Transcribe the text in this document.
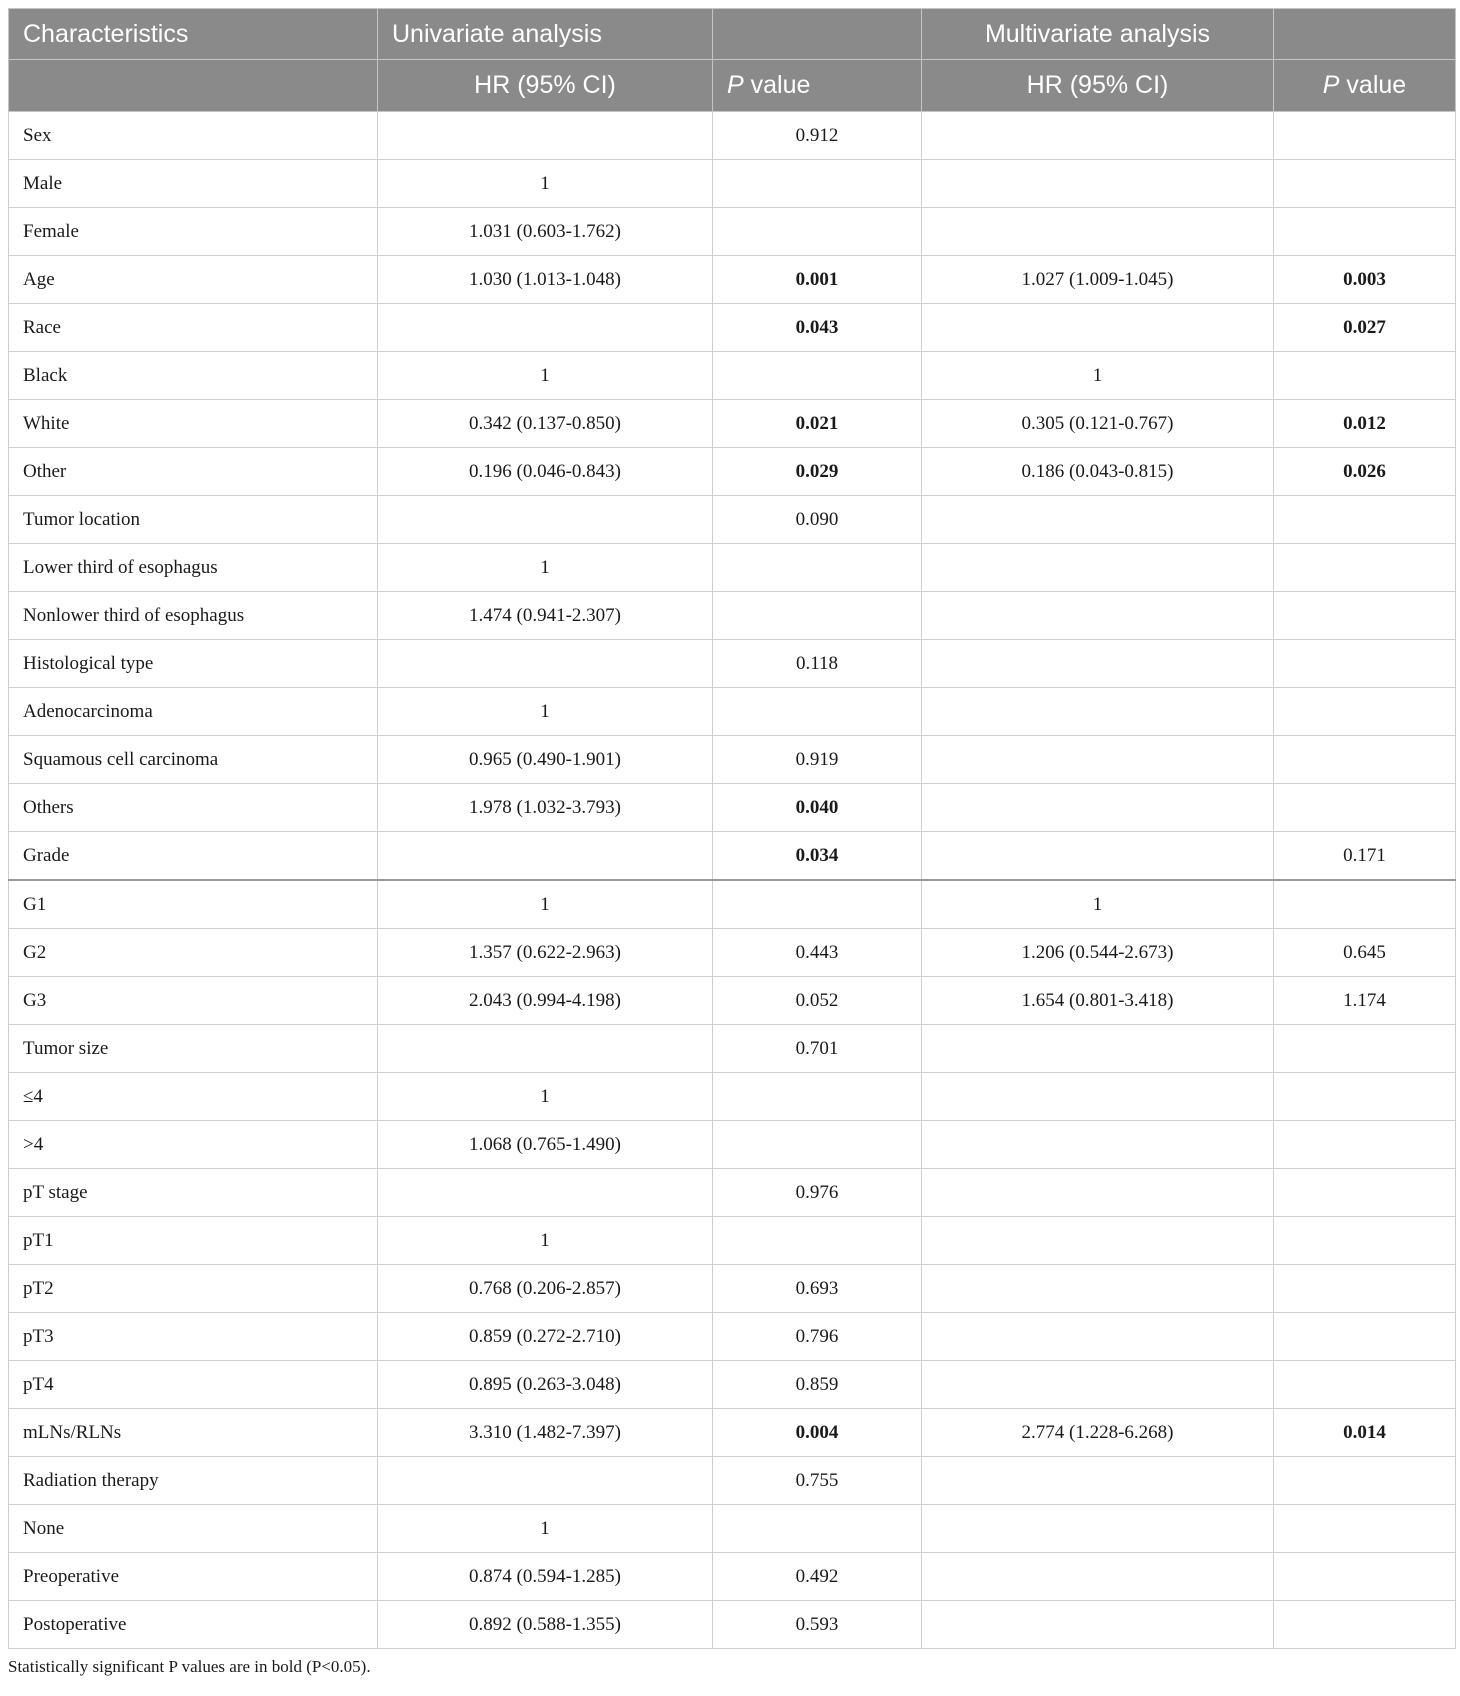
Characteristics	Univariate analysis		Multivariate analysis	
	HR (95% CI)	P value	HR (95% CI)	P value
Sex		0.912		
Male	1			
Female	1.031 (0.603-1.762)			
Age	1.030 (1.013-1.048)	0.001	1.027 (1.009-1.045)	0.003
Race		0.043		0.027
Black	1		1	
White	0.342 (0.137-0.850)	0.021	0.305 (0.121-0.767)	0.012
Other	0.196 (0.046-0.843)	0.029	0.186 (0.043-0.815)	0.026
Tumor location		0.090		
Lower third of esophagus	1			
Nonlower third of esophagus	1.474 (0.941-2.307)			
Histological type		0.118		
Adenocarcinoma	1			
Squamous cell carcinoma	0.965 (0.490-1.901)	0.919		
Others	1.978 (1.032-3.793)	0.040		
Grade		0.034		0.171
G1	1		1	
G2	1.357 (0.622-2.963)	0.443	1.206 (0.544-2.673)	0.645
G3	2.043 (0.994-4.198)	0.052	1.654 (0.801-3.418)	1.174
Tumor size		0.701		
≤4	1			
>4	1.068 (0.765-1.490)			
pT stage		0.976		
pT1	1			
pT2	0.768 (0.206-2.857)	0.693		
pT3	0.859 (0.272-2.710)	0.796		
pT4	0.895 (0.263-3.048)	0.859		
mLNs/RLNs	3.310 (1.482-7.397)	0.004	2.774 (1.228-6.268)	0.014
Radiation therapy		0.755		
None	1			
Preoperative	0.874 (0.594-1.285)	0.492		
Postoperative	0.892 (0.588-1.355)	0.593		
Statistically significant P values are in bold (P<0.05).
